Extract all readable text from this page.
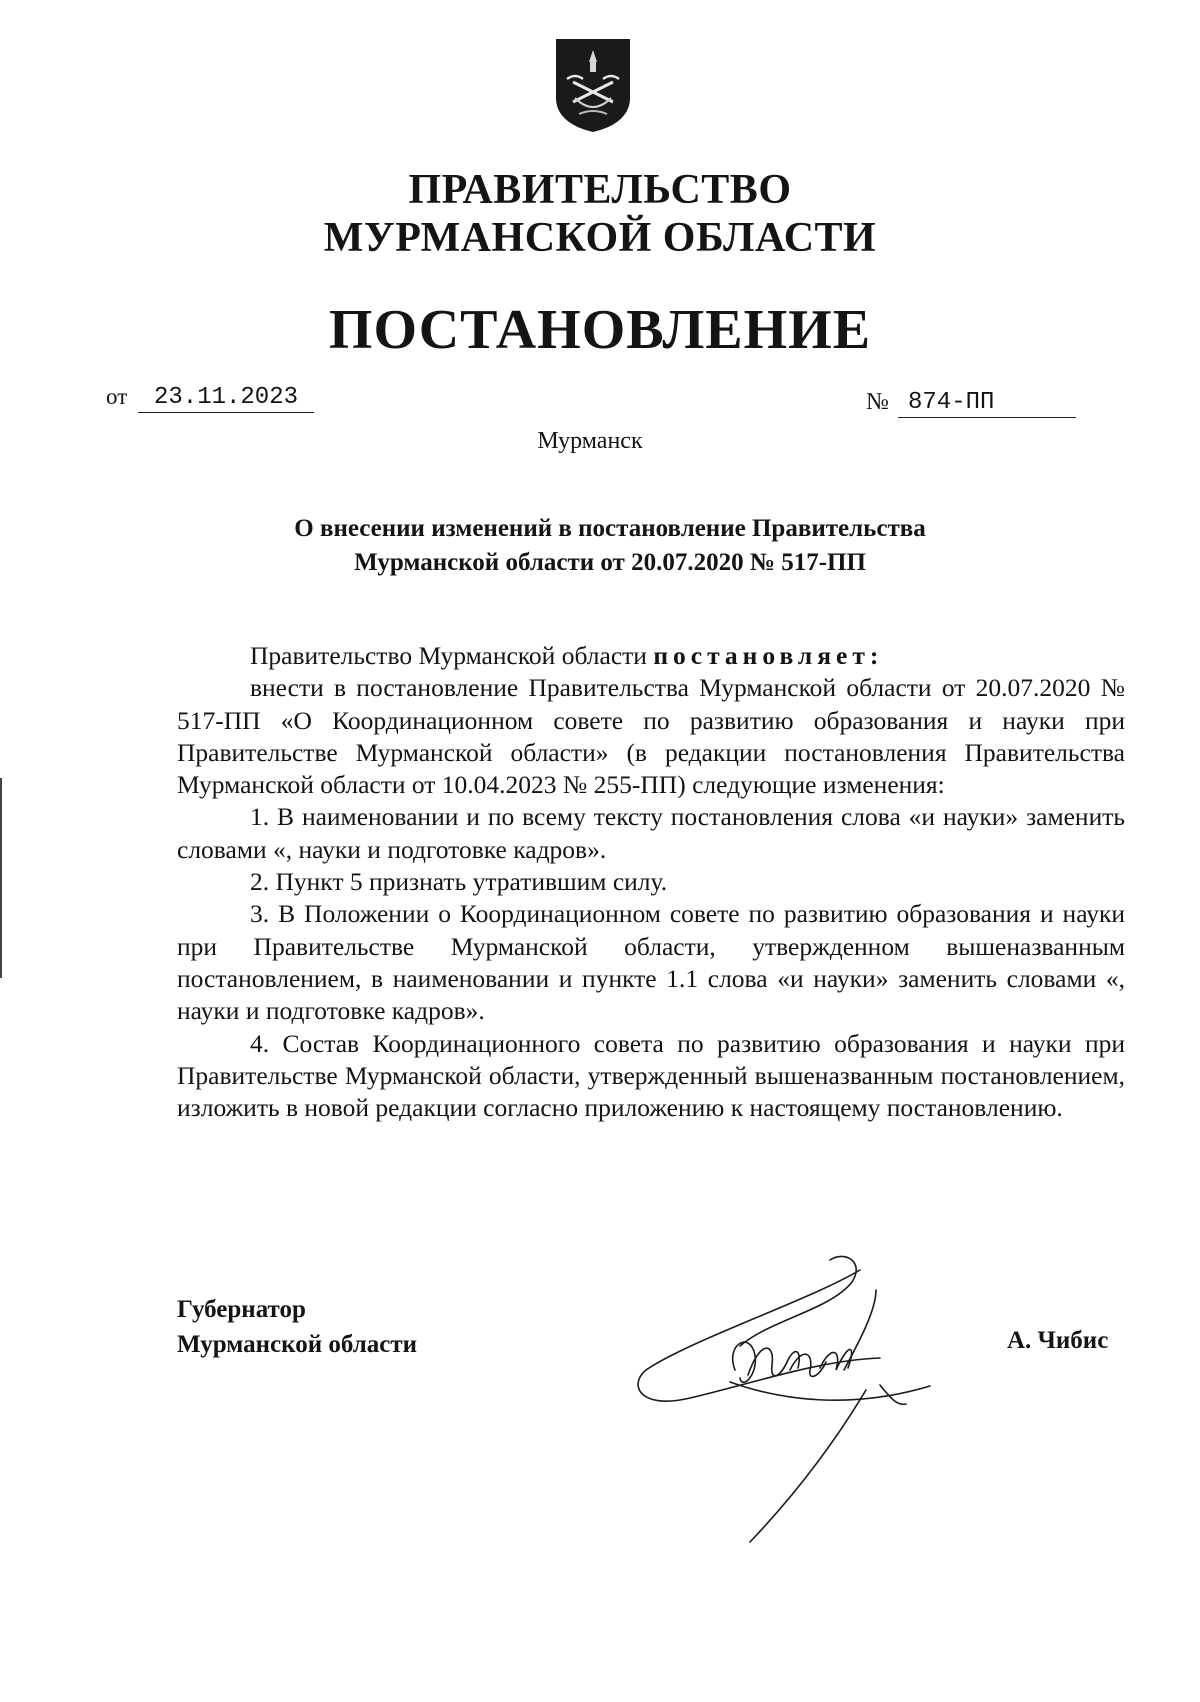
ПРАВИТЕЛЬСТВО
МУРМАНСКОЙ ОБЛАСТИ
ПОСТАНОВЛЕНИЕ
от	23.11.2023	№ 874-ПП
Мурманск
О внесении изменений в постановление Правительства
Мурманской области от 20.07.2020 № 517-ПП

Правительство Мурманской области постановляет:

внести в постановление Правительства Мурманской области от 20.07.2020 № 517-ПП «О Координационном совете по развитию образования и науки при Правительстве Мурманской области» (в редакции постановления Правительства Мурманской области от 10.04.2023 № 255-ПП) следующие изменения:

1. В наименовании и по всему тексту постановления слова «и науки» заменить словами «, науки и подготовке кадров».

2. Пункт 5 признать утратившим силу.

3. В Положении о Координационном совете по развитию образования и науки при Правительстве Мурманской области, утвержденном вышеназванным постановлением, в наименовании и пункте 1.1 слова «и науки» заменить словами «, науки и подготовке кадров».

4. Состав Координационного совета по развитию образования и науки при Правительстве Мурманской области, утвержденный вышеназванным постановлением, изложить в новой редакции согласно приложению к настоящему постановлению.

Губернатор
Мурманской области	А. Чибис
